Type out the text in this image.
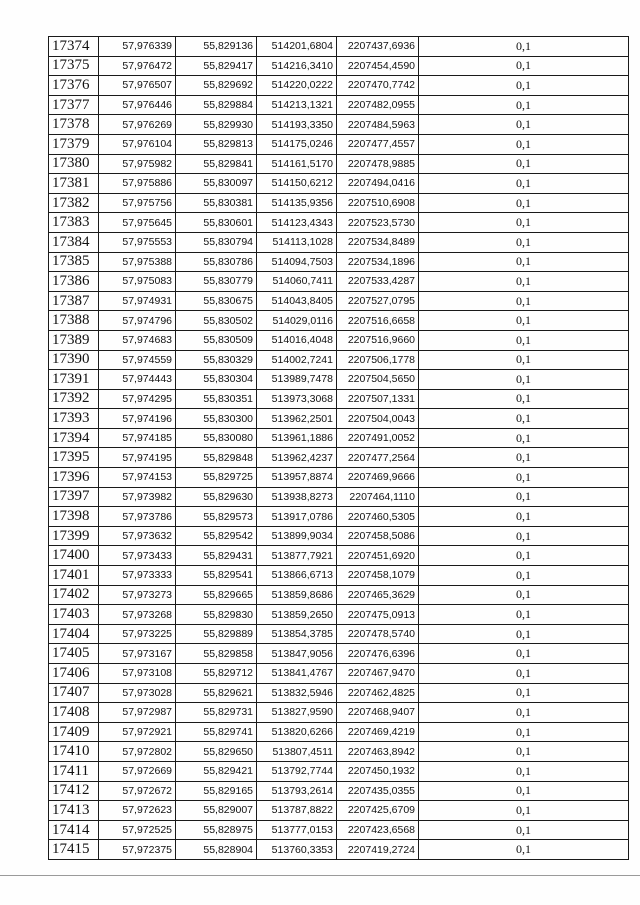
17374	57,976339	55,829136	514201,6804	2207437,6936	0,1
17375	57,976472	55,829417	514216,3410	2207454,4590	0,1
17376	57,976507	55,829692	514220,0222	2207470,7742	0,1
17377	57,976446	55,829884	514213,1321	2207482,0955	0,1
17378	57,976269	55,829930	514193,3350	2207484,5963	0,1
17379	57,976104	55,829813	514175,0246	2207477,4557	0,1
17380	57,975982	55,829841	514161,5170	2207478,9885	0,1
17381	57,975886	55,830097	514150,6212	2207494,0416	0,1
17382	57,975756	55,830381	514135,9356	2207510,6908	0,1
17383	57,975645	55,830601	514123,4343	2207523,5730	0,1
17384	57,975553	55,830794	514113,1028	2207534,8489	0,1
17385	57,975388	55,830786	514094,7503	2207534,1896	0,1
17386	57,975083	55,830779	514060,7411	2207533,4287	0,1
17387	57,974931	55,830675	514043,8405	2207527,0795	0,1
17388	57,974796	55,830502	514029,0116	2207516,6658	0,1
17389	57,974683	55,830509	514016,4048	2207516,9660	0,1
17390	57,974559	55,830329	514002,7241	2207506,1778	0,1
17391	57,974443	55,830304	513989,7478	2207504,5650	0,1
17392	57,974295	55,830351	513973,3068	2207507,1331	0,1
17393	57,974196	55,830300	513962,2501	2207504,0043	0,1
17394	57,974185	55,830080	513961,1886	2207491,0052	0,1
17395	57,974195	55,829848	513962,4237	2207477,2564	0,1
17396	57,974153	55,829725	513957,8874	2207469,9666	0,1
17397	57,973982	55,829630	513938,8273	2207464,1110	0,1
17398	57,973786	55,829573	513917,0786	2207460,5305	0,1
17399	57,973632	55,829542	513899,9034	2207458,5086	0,1
17400	57,973433	55,829431	513877,7921	2207451,6920	0,1
17401	57,973333	55,829541	513866,6713	2207458,1079	0,1
17402	57,973273	55,829665	513859,8686	2207465,3629	0,1
17403	57,973268	55,829830	513859,2650	2207475,0913	0,1
17404	57,973225	55,829889	513854,3785	2207478,5740	0,1
17405	57,973167	55,829858	513847,9056	2207476,6396	0,1
17406	57,973108	55,829712	513841,4767	2207467,9470	0,1
17407	57,973028	55,829621	513832,5946	2207462,4825	0,1
17408	57,972987	55,829731	513827,9590	2207468,9407	0,1
17409	57,972921	55,829741	513820,6266	2207469,4219	0,1
17410	57,972802	55,829650	513807,4511	2207463,8942	0,1
17411	57,972669	55,829421	513792,7744	2207450,1932	0,1
17412	57,972672	55,829165	513793,2614	2207435,0355	0,1
17413	57,972623	55,829007	513787,8822	2207425,6709	0,1
17414	57,972525	55,828975	513777,0153	2207423,6568	0,1
17415	57,972375	55,828904	513760,3353	2207419,2724	0,1
